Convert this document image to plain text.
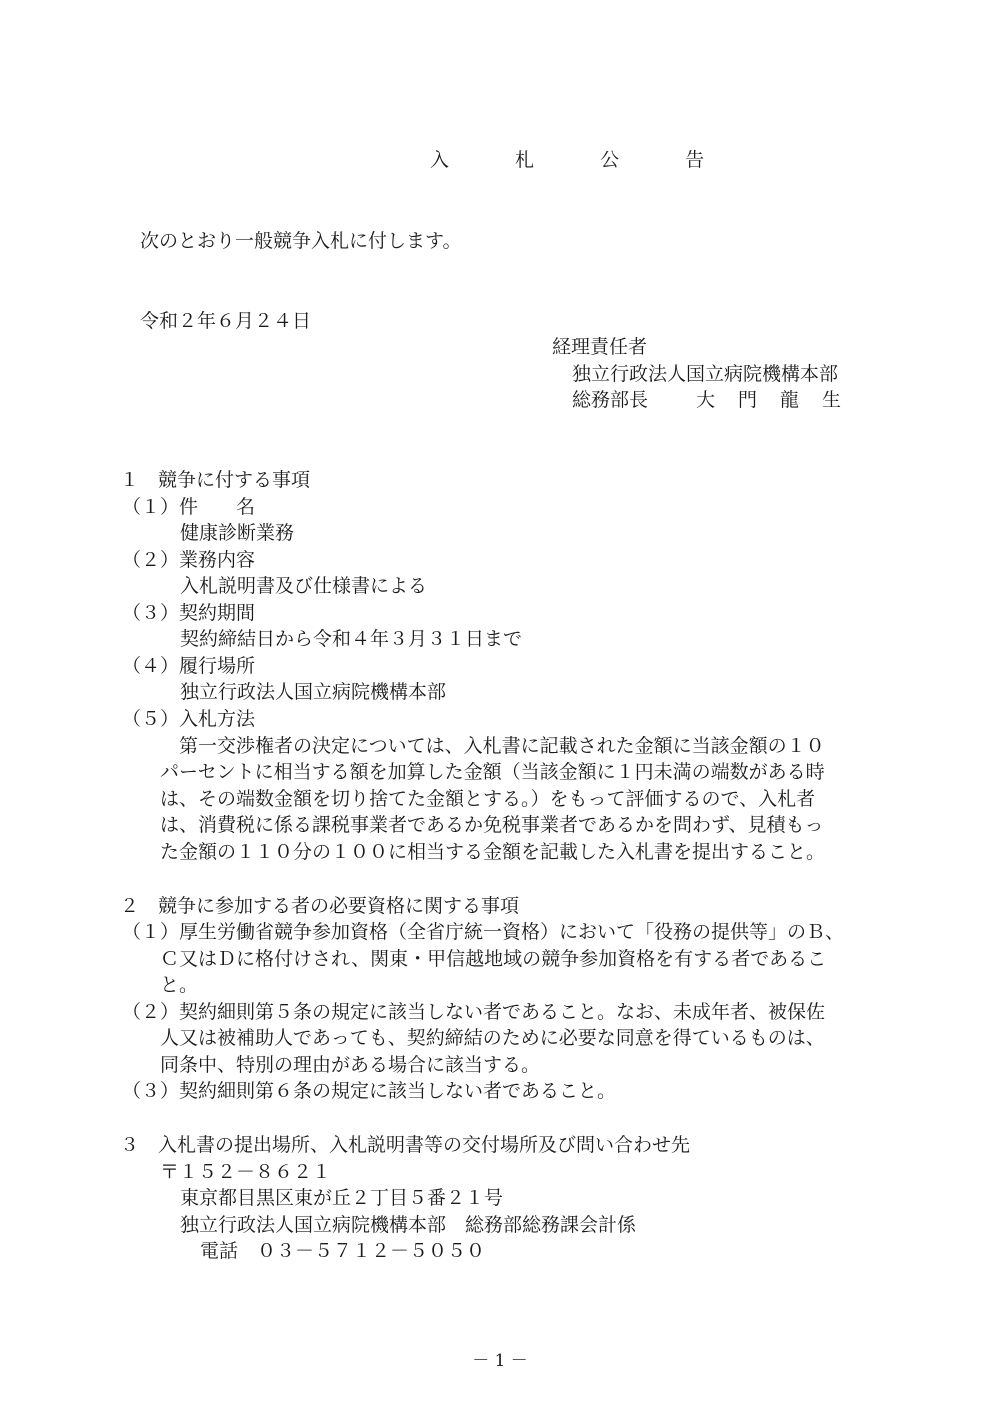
入 札 公 告
次のとおり一般競争入札に付します。
令和２年６月２４日
経理責任者
独立行政法人国立病院機構本部
総務部長	大　門　龍　生
１　競争に付する事項
（１）件　　名
健康診断業務
（２）業務内容
入札説明書及び仕様書による
（３）契約期間
契約締結日から令和４年３月３１日まで
（４）履行場所
独立行政法人国立病院機構本部
（５）入札方法
　第一交渉権者の決定については、入札書に記載された金額に当該金額の１０
パーセントに相当する額を加算した金額（当該金額に１円未満の端数がある時
は、その端数金額を切り捨てた金額とする。）をもって評価するので、入札者
は、消費税に係る課税事業者であるか免税事業者であるかを問わず、見積もっ
た金額の１１０分の１００に相当する金額を記載した入札書を提出すること。
２　競争に参加する者の必要資格に関する事項
（１）厚生労働省競争参加資格（全省庁統一資格）において「役務の提供等」のＢ、
　　Ｃ又はＤに格付けされ、関東・甲信越地域の競争参加資格を有する者であるこ
　　と。
（２）契約細則第５条の規定に該当しない者であること。なお、未成年者、被保佐
　　人又は被補助人であっても、契約締結のために必要な同意を得ているものは、
　　同条中、特別の理由がある場合に該当する。
（３）契約細則第６条の規定に該当しない者であること。
３　入札書の提出場所、入札説明書等の交付場所及び問い合わせ先
〒１５２－８６２１
東京都目黒区東が丘２丁目５番２１号
独立行政法人国立病院機構本部　総務部総務課会計係
電話　０３－５７１２－５０５０
－ 1 －
